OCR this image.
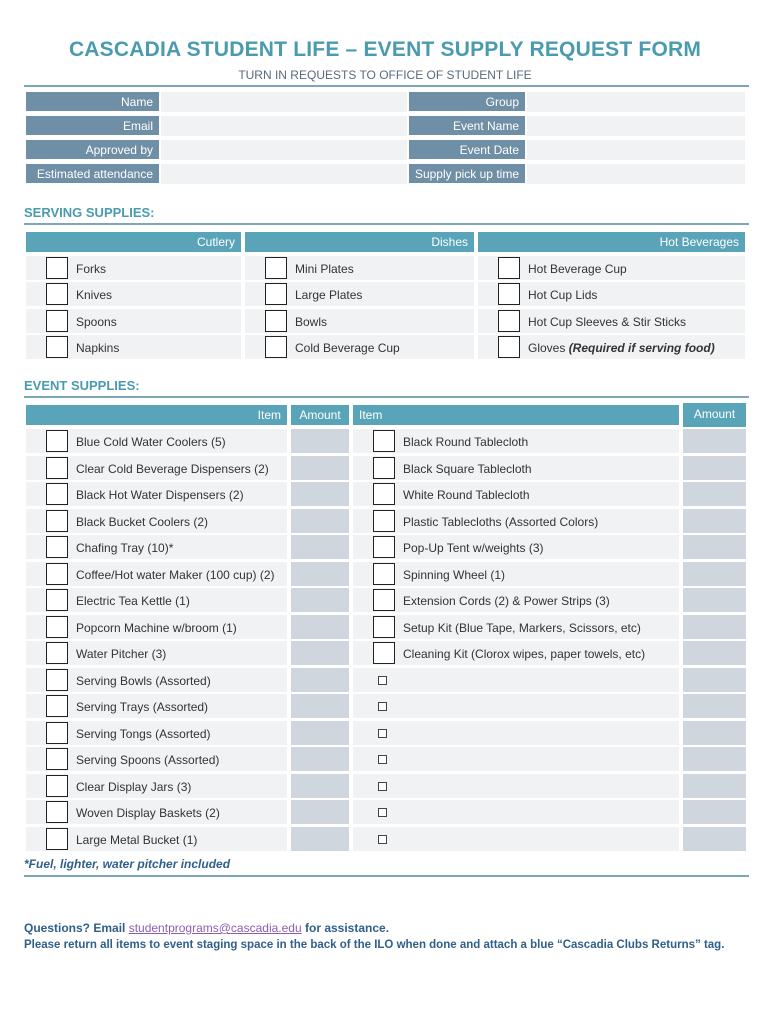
CASCADIA STUDENT LIFE – EVENT SUPPLY REQUEST FORM
TURN IN REQUESTS TO OFFICE OF STUDENT LIFE
Name	Group
Email	Event Name
Approved by	Event Date
Estimated attendance	Supply pick up time
SERVING SUPPLIES:
Cutlery	Dishes	Hot Beverages
Forks	Mini Plates	Hot Beverage Cup
Knives	Large Plates	Hot Cup Lids
Spoons	Bowls	Hot Cup Sleeves & Stir Sticks
Napkins	Cold Beverage Cup	Gloves (Required if serving food)
EVENT SUPPLIES:
Item	Amount	Item	Amount
Blue Cold Water Coolers (5)	Black Round Tablecloth
Clear Cold Beverage Dispensers (2)	Black Square Tablecloth
Black Hot Water Dispensers (2)	White Round Tablecloth
Black Bucket Coolers (2)	Plastic Tablecloths (Assorted Colors)
Chafing Tray (10)*	Pop-Up Tent w/weights (3)
Coffee/Hot water Maker (100 cup) (2)	Spinning Wheel (1)
Electric Tea Kettle (1)	Extension Cords (2) & Power Strips (3)
Popcorn Machine w/broom (1)	Setup Kit (Blue Tape, Markers, Scissors, etc)
Water Pitcher (3)	Cleaning Kit (Clorox wipes, paper towels, etc)
Serving Bowls (Assorted)
Serving Trays (Assorted)
Serving Tongs (Assorted)
Serving Spoons (Assorted)
Clear Display Jars (3)
Woven Display Baskets (2)
Large Metal Bucket (1)
*Fuel, lighter, water pitcher included
Questions? Email studentprograms@cascadia.edu for assistance.
Please return all items to event staging space in the back of the ILO when done and attach a blue “Cascadia Clubs Returns” tag.
